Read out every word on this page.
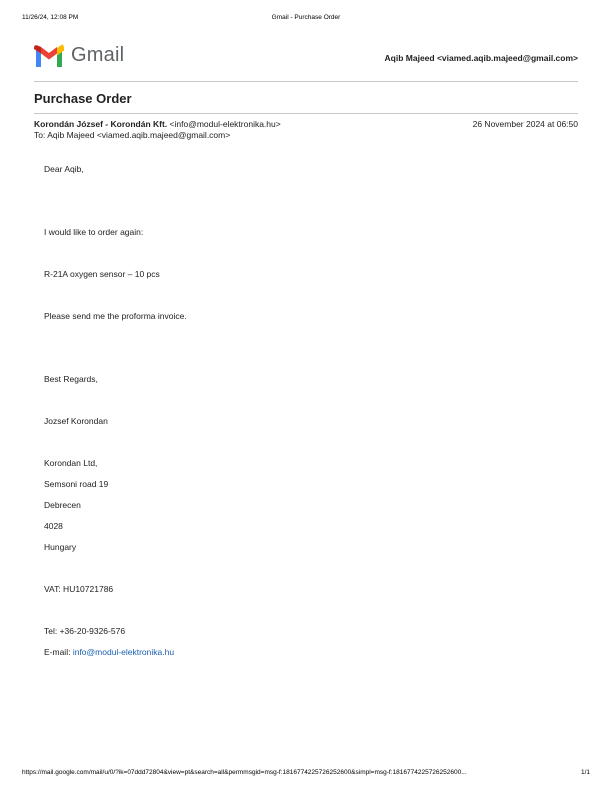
11/26/24, 12:08 PM	Gmail - Purchase Order
Gmail	Aqib Majeed <viamed.aqib.majeed@gmail.com>
Purchase Order
Korondán József - Korondán Kft. <info@modul-elektronika.hu>	26 November 2024 at 06:50
To: Aqib Majeed <viamed.aqib.majeed@gmail.com>
Dear Aqib,
I would like to order again:
R-21A oxygen sensor – 10 pcs
Please send me the proforma invoice.
Best Regards,
Jozsef Korondan
Korondan Ltd,
Semsoni road 19
Debrecen
4028
Hungary
VAT: HU10721786
Tel: +36-20-9326-576
E-mail: info@modul-elektronika.hu
https://mail.google.com/mail/u/0/?ik=07ddd72804&view=pt&search=all&permmsgid=msg-f:1816774225726252600&simpl=msg-f:1816774225726252600...	1/1
